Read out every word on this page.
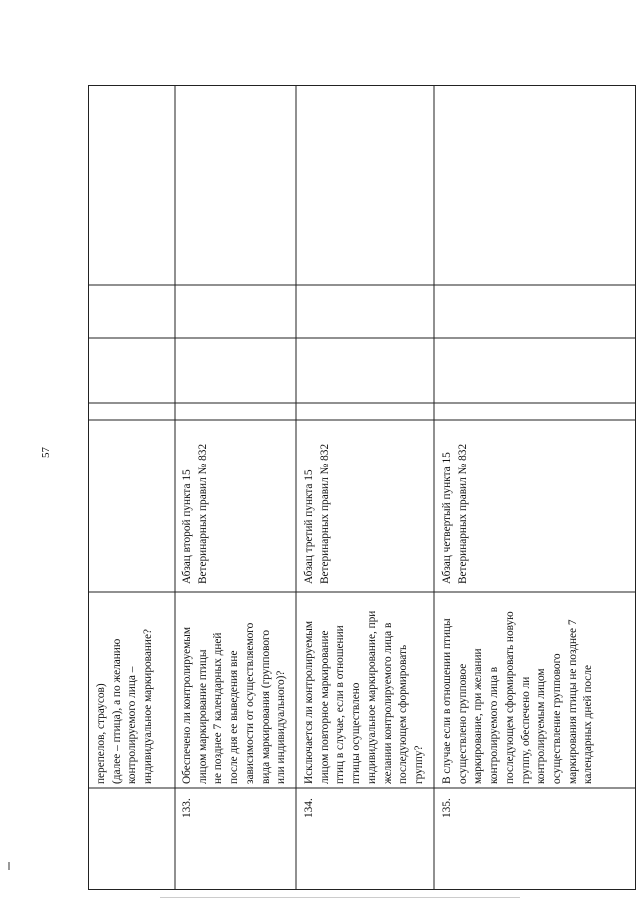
57
перепелов, страусов)
(далее – птица), а по желанию
контролируемого лица –
индивидуальное маркирование?
133.
Обеспечено ли контролируемым
лицом маркирование птицы
не позднее 7 календарных дней
после дня ее выведения вне
зависимости от осуществляемого
вида маркирования (группового
или индивидуального)?
Абзац второй пункта 15
Ветеринарных правил № 832
134.
Исключается ли контролируемым
лицом повторное маркирование
птиц в случае, если в отношении
птицы осуществлено
индивидуальное маркирование, при
желании контролируемого лица в
последующем сформировать
группу?
Абзац третий пункта 15
Ветеринарных правил № 832
135.
В случае если в отношении птицы
осуществлено групповое
маркирование, при желании
контролируемого лица в
последующем сформировать новую
группу, обеспечено ли
контролируемым лицом
осуществление группового
маркирования птицы не позднее 7
календарных дней после
Абзац четвертый пункта 15
Ветеринарных правил № 832
